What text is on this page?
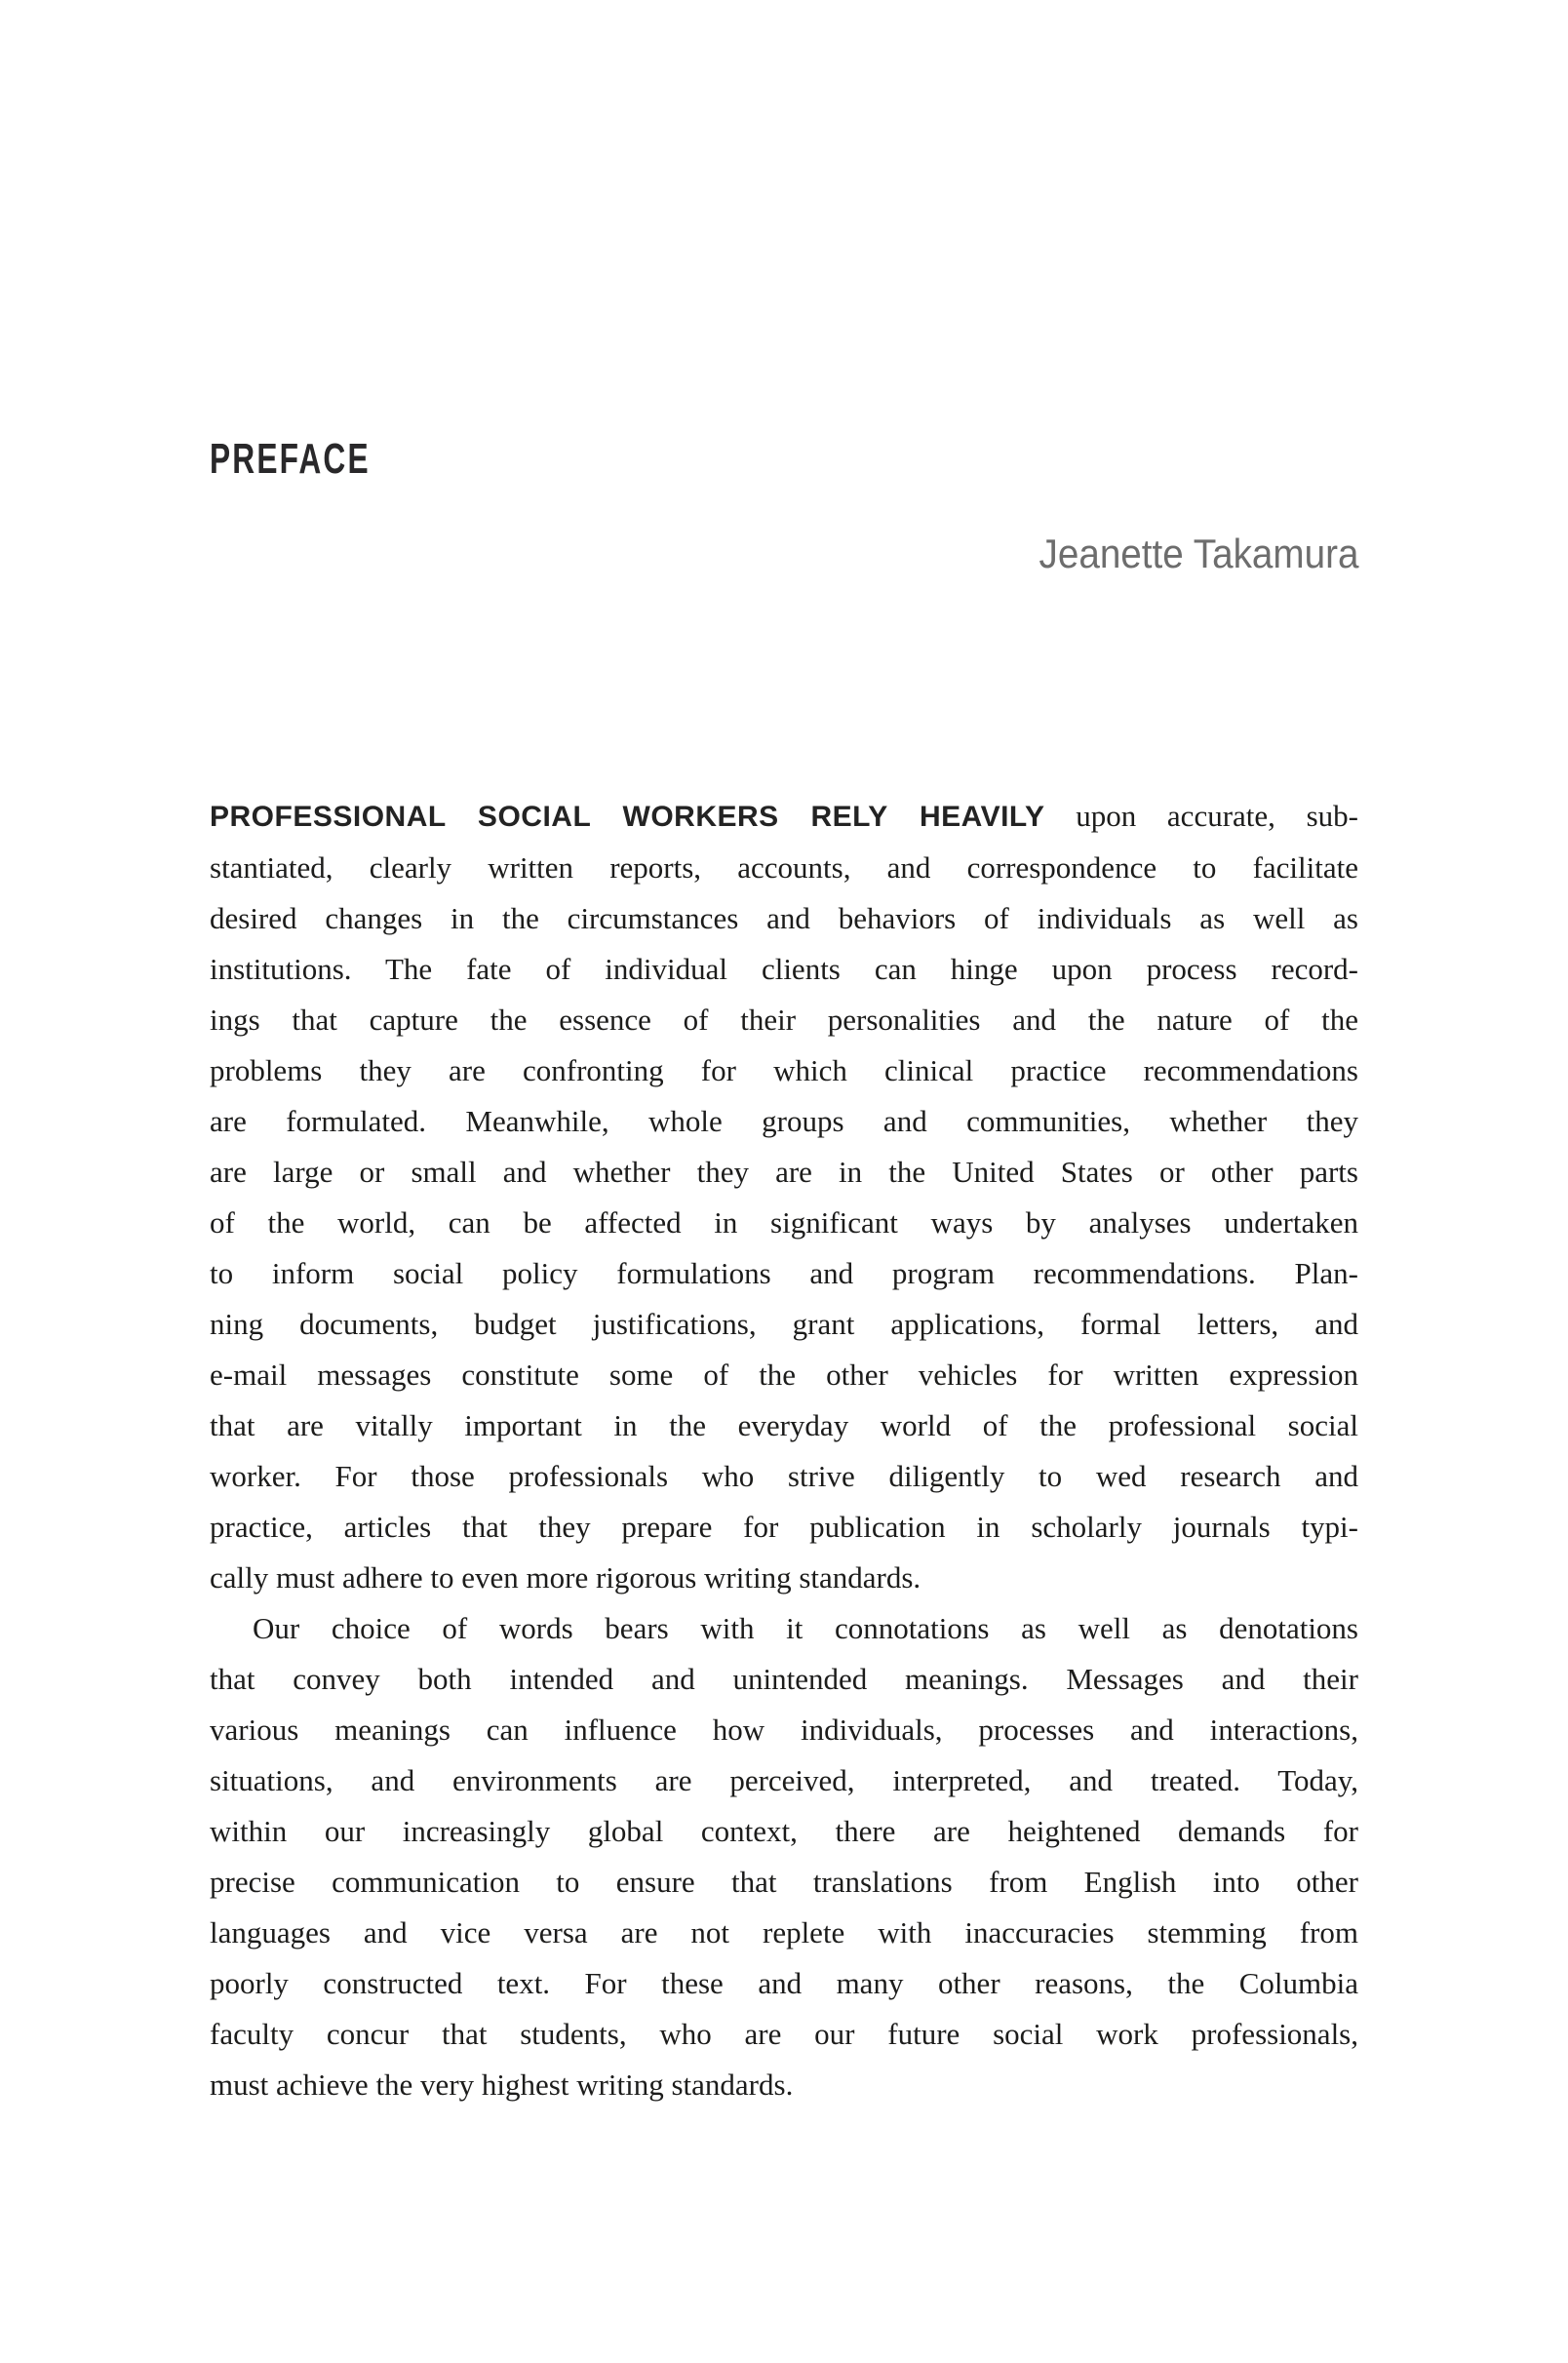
PREFACE
Jeanette Takamura
PROFESSIONAL SOCIAL WORKERS RELY HEAVILY upon accurate, sub-
stantiated, clearly written reports, accounts, and correspondence to facilitate
desired changes in the circumstances and behaviors of individuals as well as
institutions. The fate of individual clients can hinge upon process record-
ings that capture the essence of their personalities and the nature of the
problems they are confronting for which clinical practice recommendations
are formulated. Meanwhile, whole groups and communities, whether they
are large or small and whether they are in the United States or other parts
of the world, can be affected in significant ways by analyses undertaken
to inform social policy formulations and program recommendations. Plan-
ning documents, budget justifications, grant applications, formal letters, and
e-mail messages constitute some of the other vehicles for written expression
that are vitally important in the everyday world of the professional social
worker. For those professionals who strive diligently to wed research and
practice, articles that they prepare for publication in scholarly journals typi-
cally must adhere to even more rigorous writing standards.
Our choice of words bears with it connotations as well as denotations
that convey both intended and unintended meanings. Messages and their
various meanings can influence how individuals, processes and interactions,
situations, and environments are perceived, interpreted, and treated. Today,
within our increasingly global context, there are heightened demands for
precise communication to ensure that translations from English into other
languages and vice versa are not replete with inaccuracies stemming from
poorly constructed text. For these and many other reasons, the Columbia
faculty concur that students, who are our future social work professionals,
must achieve the very highest writing standards.
